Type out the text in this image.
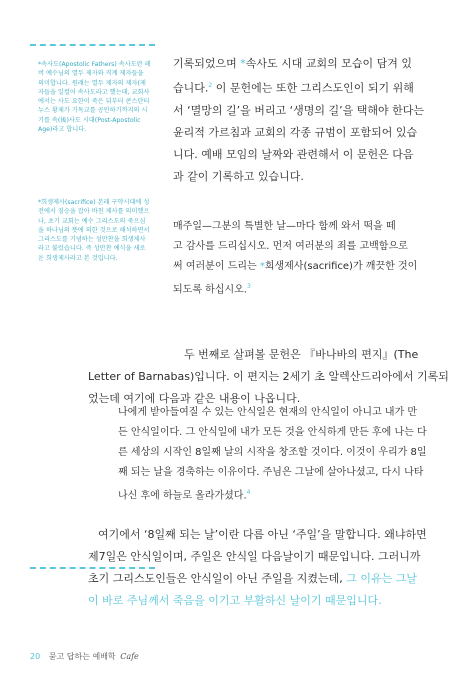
*속사도(Apostolic Fathers) 속사도란 레버 예수님의 열두 제자와 직계 제자들을 의미합니다. 원래는 열두 제자의 제자(제 자들을 일컬어 속사도라고 했는데, 교회사에서는 사도 요한이 죽은 뒤부터 콘스탄티누스 황제가 기독교를 공인하기까지의 시기를 속(後)사도 시대(Post-Apostolic Age)라고 합니다.
*희생제사(sacrifice) 본래 구약시대에 성전에서 짐승을 잡아 바친 제사를 의미했으나, 초기 교회는 예수 그리스도의 죽으심을 하나님의 뜻에 의한 것으로 해석하면서 그리스도를 기념하는 성만찬을 희생제사라고 불렀습니다. 즉 성만찬 예식을 새로운 희생제사라고 본 것입니다.
기록되었으며 *속사도 시대 교회의 모습이 담겨 있
습니다.$^2$ 이 문헌에는 또한 그리스도인이 되기 위해
서 ‘멸망의 길’을 버리고 ‘생명의 길’을 택해야 한다는
윤리적 가르침과 교회의 각종 규범이 포함되어 있습
니다. 예배 모임의 날짜와 관련해서 이 문헌은 다음
과 같이 기록하고 있습니다.
매주일—그분의 특별한 날—마다 함께 와서 떡을 떼
고 감사를 드리십시오. 먼저 여러분의 죄를 고백함으로
써 여러분이 드리는 *희생제사(sacrifice)가 깨끗한 것이
되도록 하십시오.$^3$
두 번째로 살펴볼 문헌은 『바나바의 편지』(The
Letter of Barnabas)입니다. 이 편지는 2세기 초 알렉산드리아에서 기록되
었는데 여기에 다음과 같은 내용이 나옵니다.
나에게 받아들여질 수 있는 안식일은 현재의 안식일이 아니고 내가 만
든 안식일이다. 그 안식일에 내가 모든 것을 안식하게 만든 후에 나는 다
른 세상의 시작인 8일째 날의 시작을 창조할 것이다. 이것이 우리가 8일
째 되는 날을 경축하는 이유이다. 주님은 그날에 살아나셨고, 다시 나타
나신 후에 하늘로 올라가셨다.$^4$
여기에서 ‘8일째 되는 날’이란 다름 아닌 ‘주일’을 말합니다. 왜냐하면
제7일은 안식일이며, 주일은 안식일 다음날이기 때문입니다. 그러니까
초기 그리스도인들은 안식일이 아닌 주일을 지켰는데, 그 이유는 그날
이 바로 주님께서 죽음을 이기고 부활하신 날이기 때문입니다.
20 묻고 답하는 예배학 Cafe
